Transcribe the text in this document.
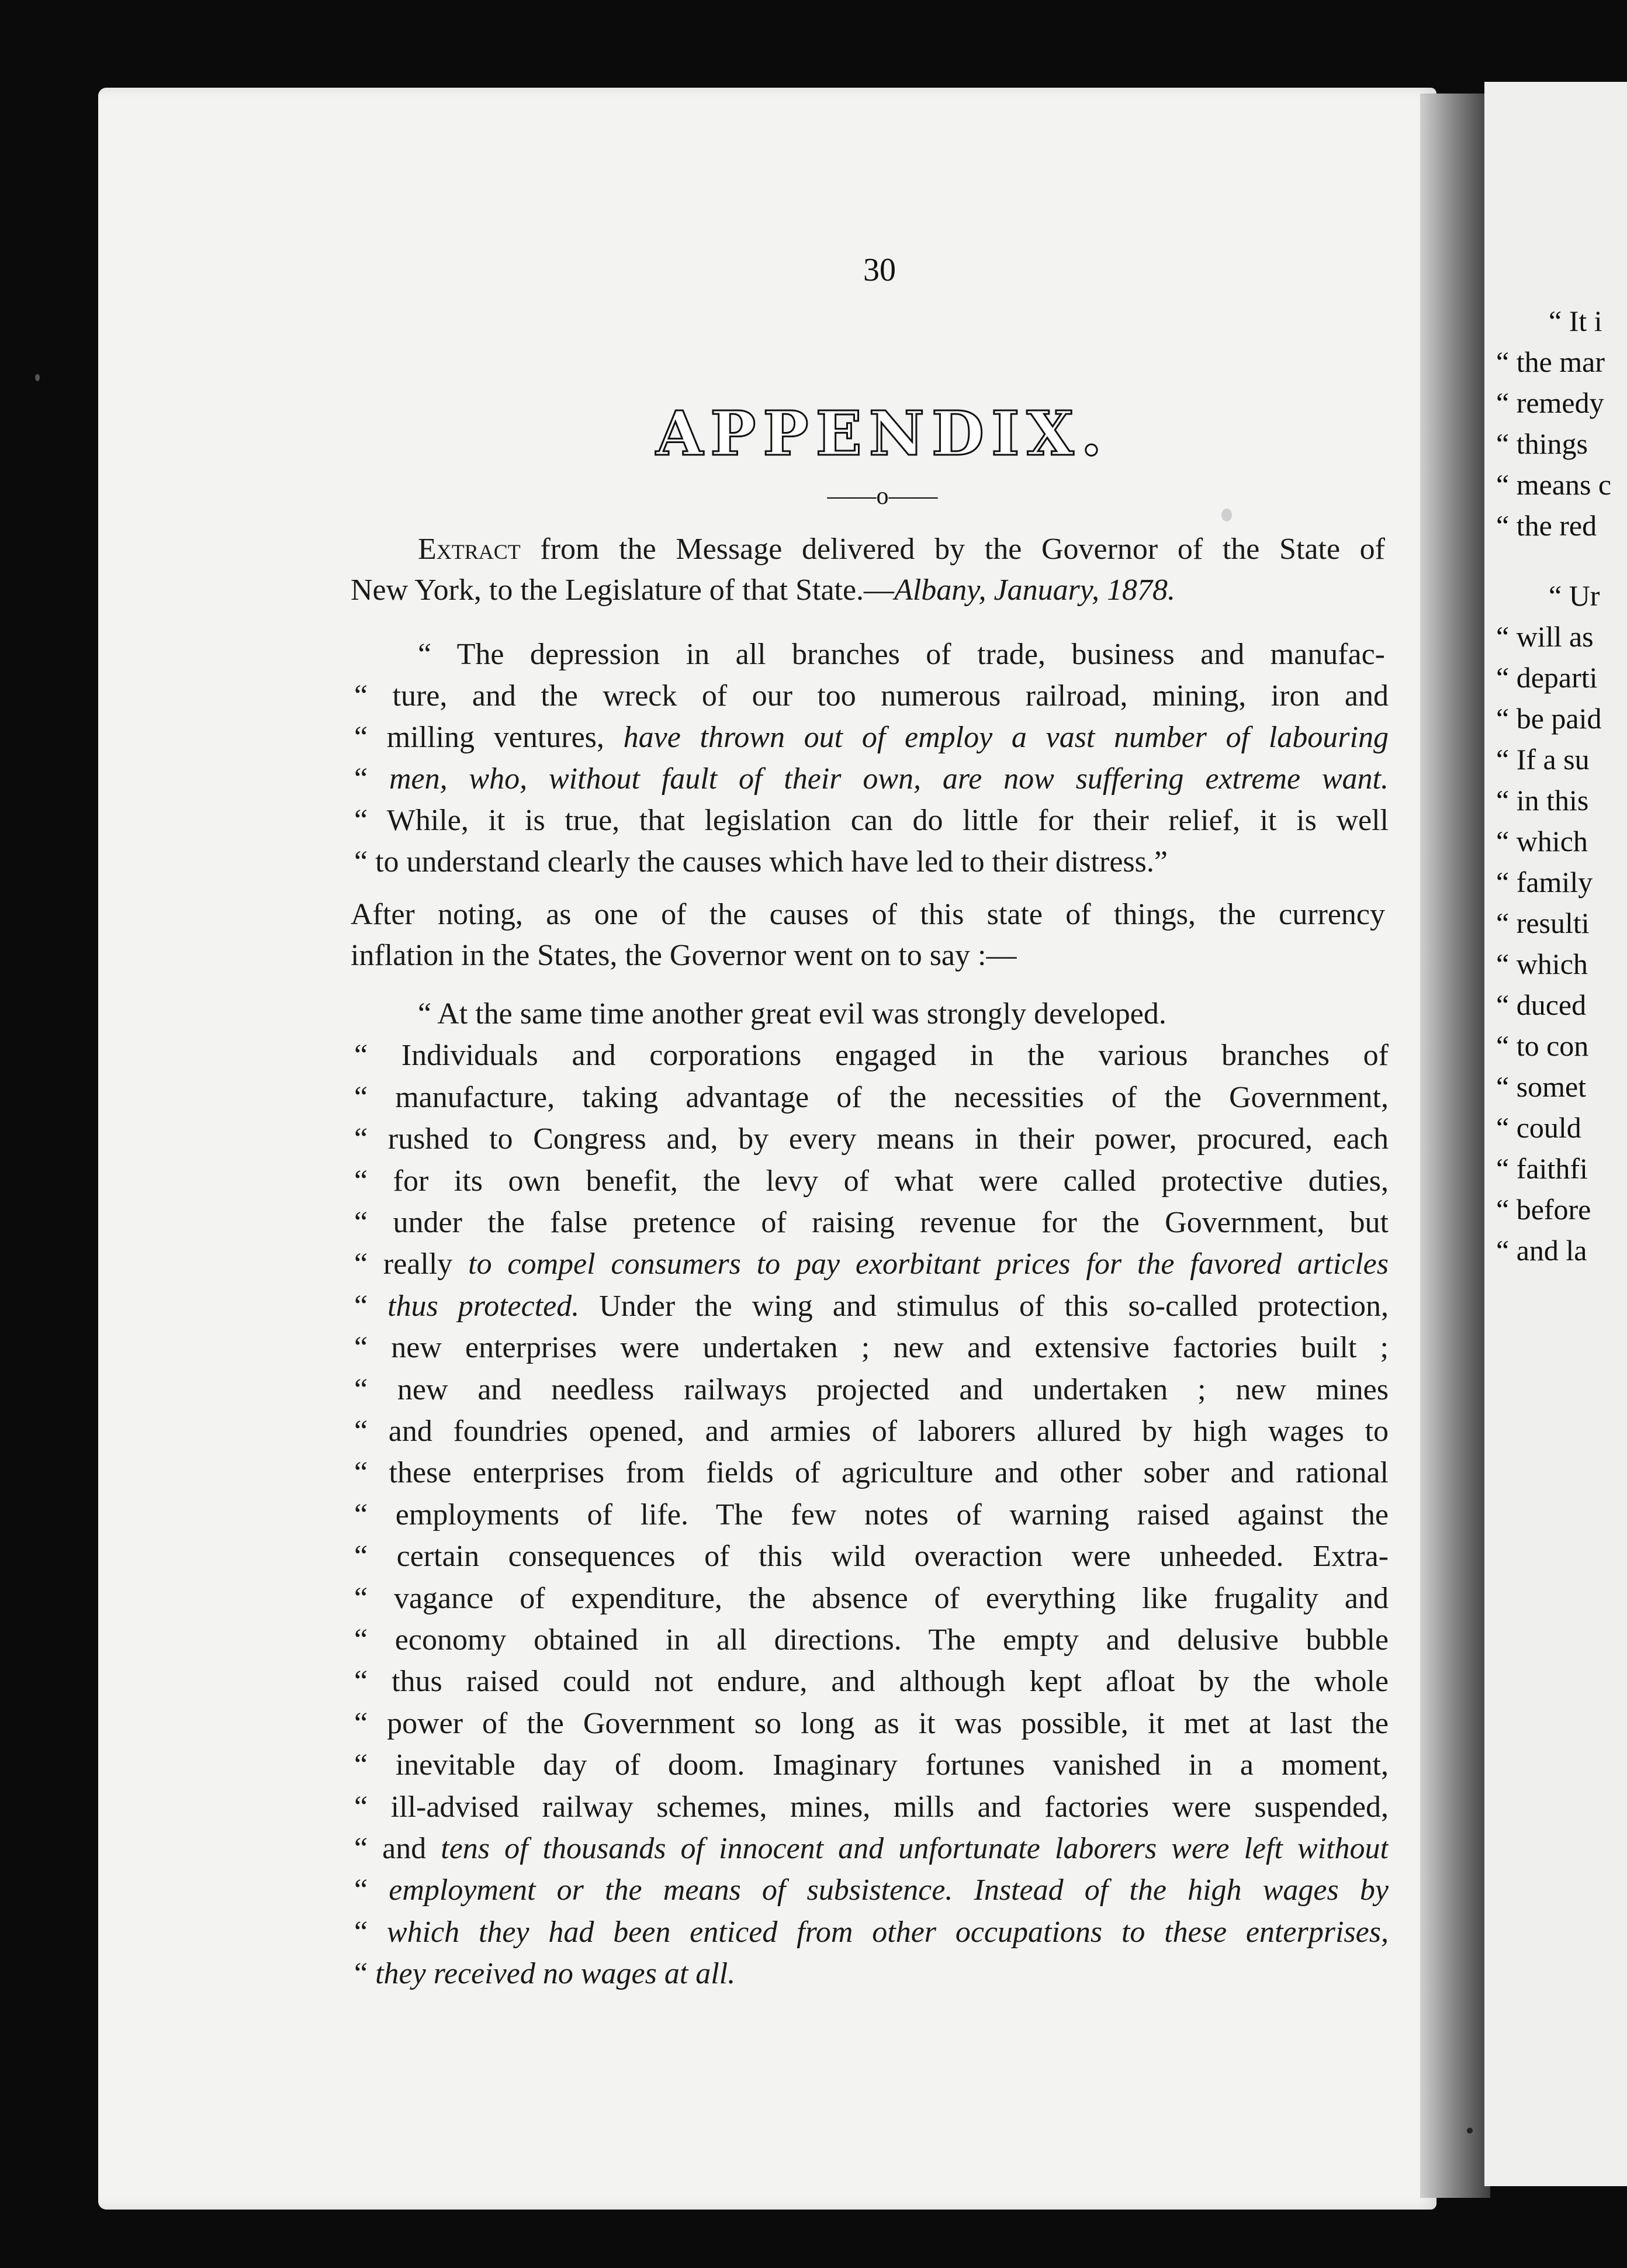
30
APPENDIX.
——o——
Extract from the Message delivered by the Governor of the State of
New York, to the Legislature of that State.—Albany, January, 1878.
“ The depression in all branches of trade, business and manufac-
“ ture, and the wreck of our too numerous railroad, mining, iron and
“ milling ventures, have thrown out of employ a vast number of labouring
“ men, who, without fault of their own, are now suffering extreme want.
“ While, it is true, that legislation can do little for their relief, it is well
“ to understand clearly the causes which have led to their distress.”
After noting, as one of the causes of this state of things, the currency
inflation in the States, the Governor went on to say :—
“ At the same time another great evil was strongly developed.
“ Individuals and corporations engaged in the various branches of
“ manufacture, taking advantage of the necessities of the Government,
“ rushed to Congress and, by every means in their power, procured, each
“ for its own benefit, the levy of what were called protective duties,
“ under the false pretence of raising revenue for the Government, but
“ really to compel consumers to pay exorbitant prices for the favored articles
“ thus protected. Under the wing and stimulus of this so-called protection,
“ new enterprises were undertaken ; new and extensive factories built ;
“ new and needless railways projected and undertaken ; new mines
“ and foundries opened, and armies of laborers allured by high wages to
“ these enterprises from fields of agriculture and other sober and rational
“ employments of life. The few notes of warning raised against the
“ certain consequences of this wild overaction were unheeded. Extra-
“ vagance of expenditure, the absence of everything like frugality and
“ economy obtained in all directions. The empty and delusive bubble
“ thus raised could not endure, and although kept afloat by the whole
“ power of the Government so long as it was possible, it met at last the
“ inevitable day of doom. Imaginary fortunes vanished in a moment,
“ ill-advised railway schemes, mines, mills and factories were suspended,
“ and tens of thousands of innocent and unfortunate laborers were left without
“ employment or the means of subsistence. Instead of the high wages by
“ which they had been enticed from other occupations to these enterprises,
“ they received no wages at all.
“ It i
“ the mar
“ remedy
“ things
“ means c
“ the red
“ Ur
“ will as
“ departi
“ be paid
“ If a su
“ in this
“ which
“ family
“ resulti
“ which
“ duced
“ to con
“ somet
“ could
“ faithfi
“ before
“ and la
